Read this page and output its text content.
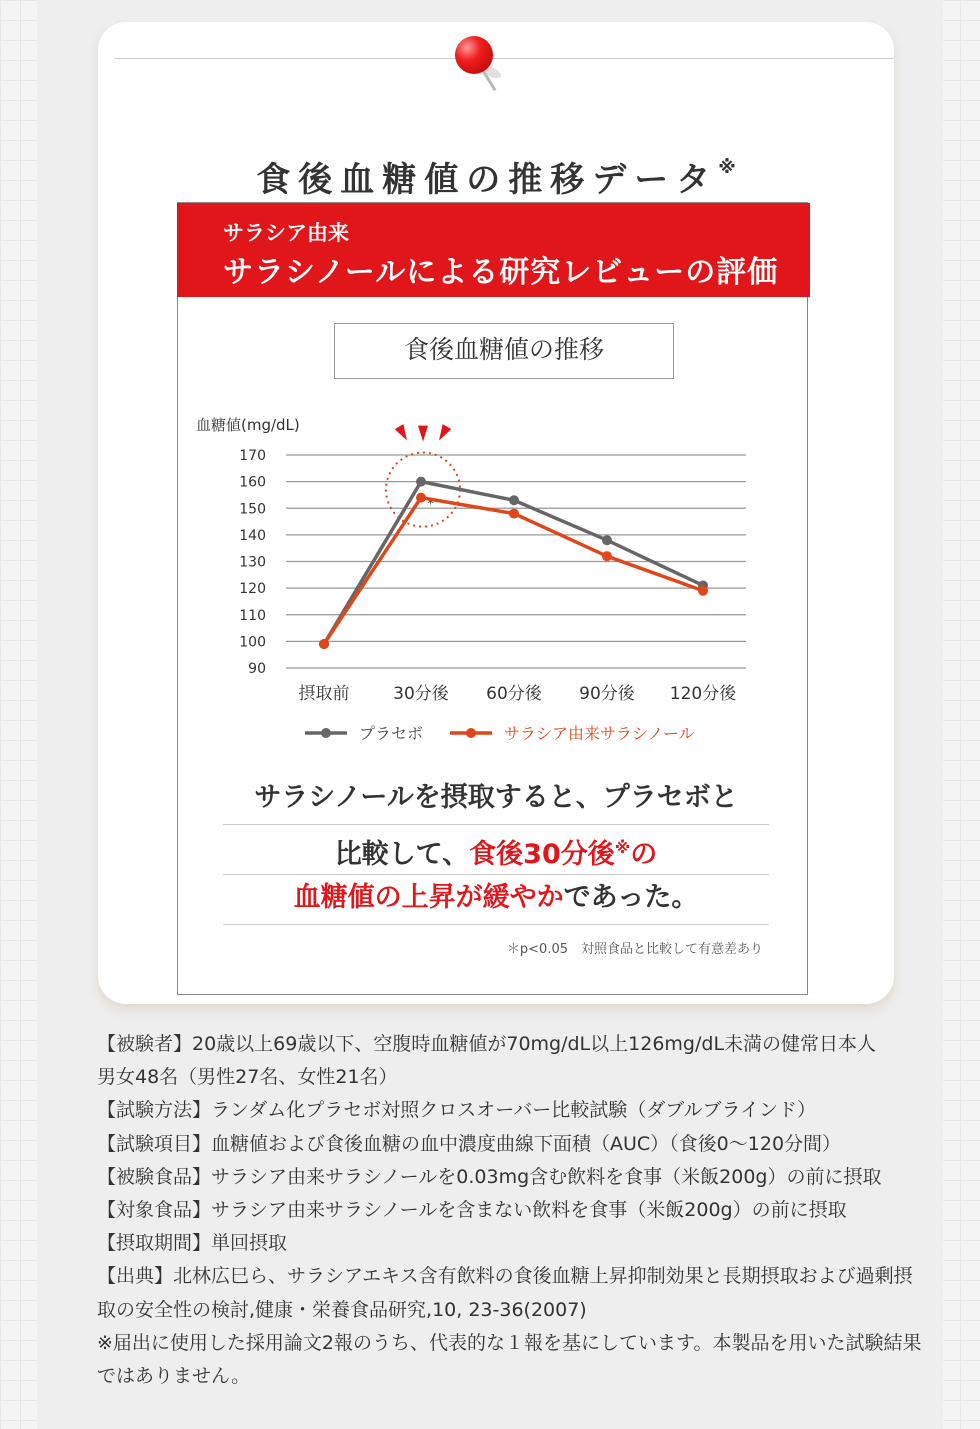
食後血糖値の推移データ※
サラシア由来
サラシノールによる研究レビューの評価
食後血糖値の推移
血糖値(mg/dL)
90
100
110
120
130
140
150
160
170
摂取前	30分後 60分後 90分後 120分後
*
プラセボ	サラシア由来サラシノール
サラシノールを摂取すると、プラセボと
比較して、食後30分後※の
血糖値の上昇が緩やかであった。
＊p<0.05　対照食品と比較して有意差あり
【被験者】20歳以上69歳以下、空腹時血糖値が70mg/dL以上126mg/dL未満の健常日本人
男女48名（男性27名、女性21名）
【試験方法】ランダム化プラセボ対照クロスオーバー比較試験（ダブルブラインド）
【試験項目】血糖値および食後血糖の血中濃度曲線下面積（AUC）（食後0〜120分間）
【被験食品】サラシア由来サラシノールを0.03mg含む飲料を食事（米飯200g）の前に摂取
【対象食品】サラシア由来サラシノールを含まない飲料を食事（米飯200g）の前に摂取
【摂取期間】単回摂取
【出典】北林広巳ら、サラシアエキス含有飲料の食後血糖上昇抑制効果と長期摂取および過剰摂
取の安全性の検討,健康・栄養食品研究,10, 23-36(2007)
※届出に使用した採用論文2報のうち、代表的な１報を基にしています。本製品を用いた試験結果
ではありません。
